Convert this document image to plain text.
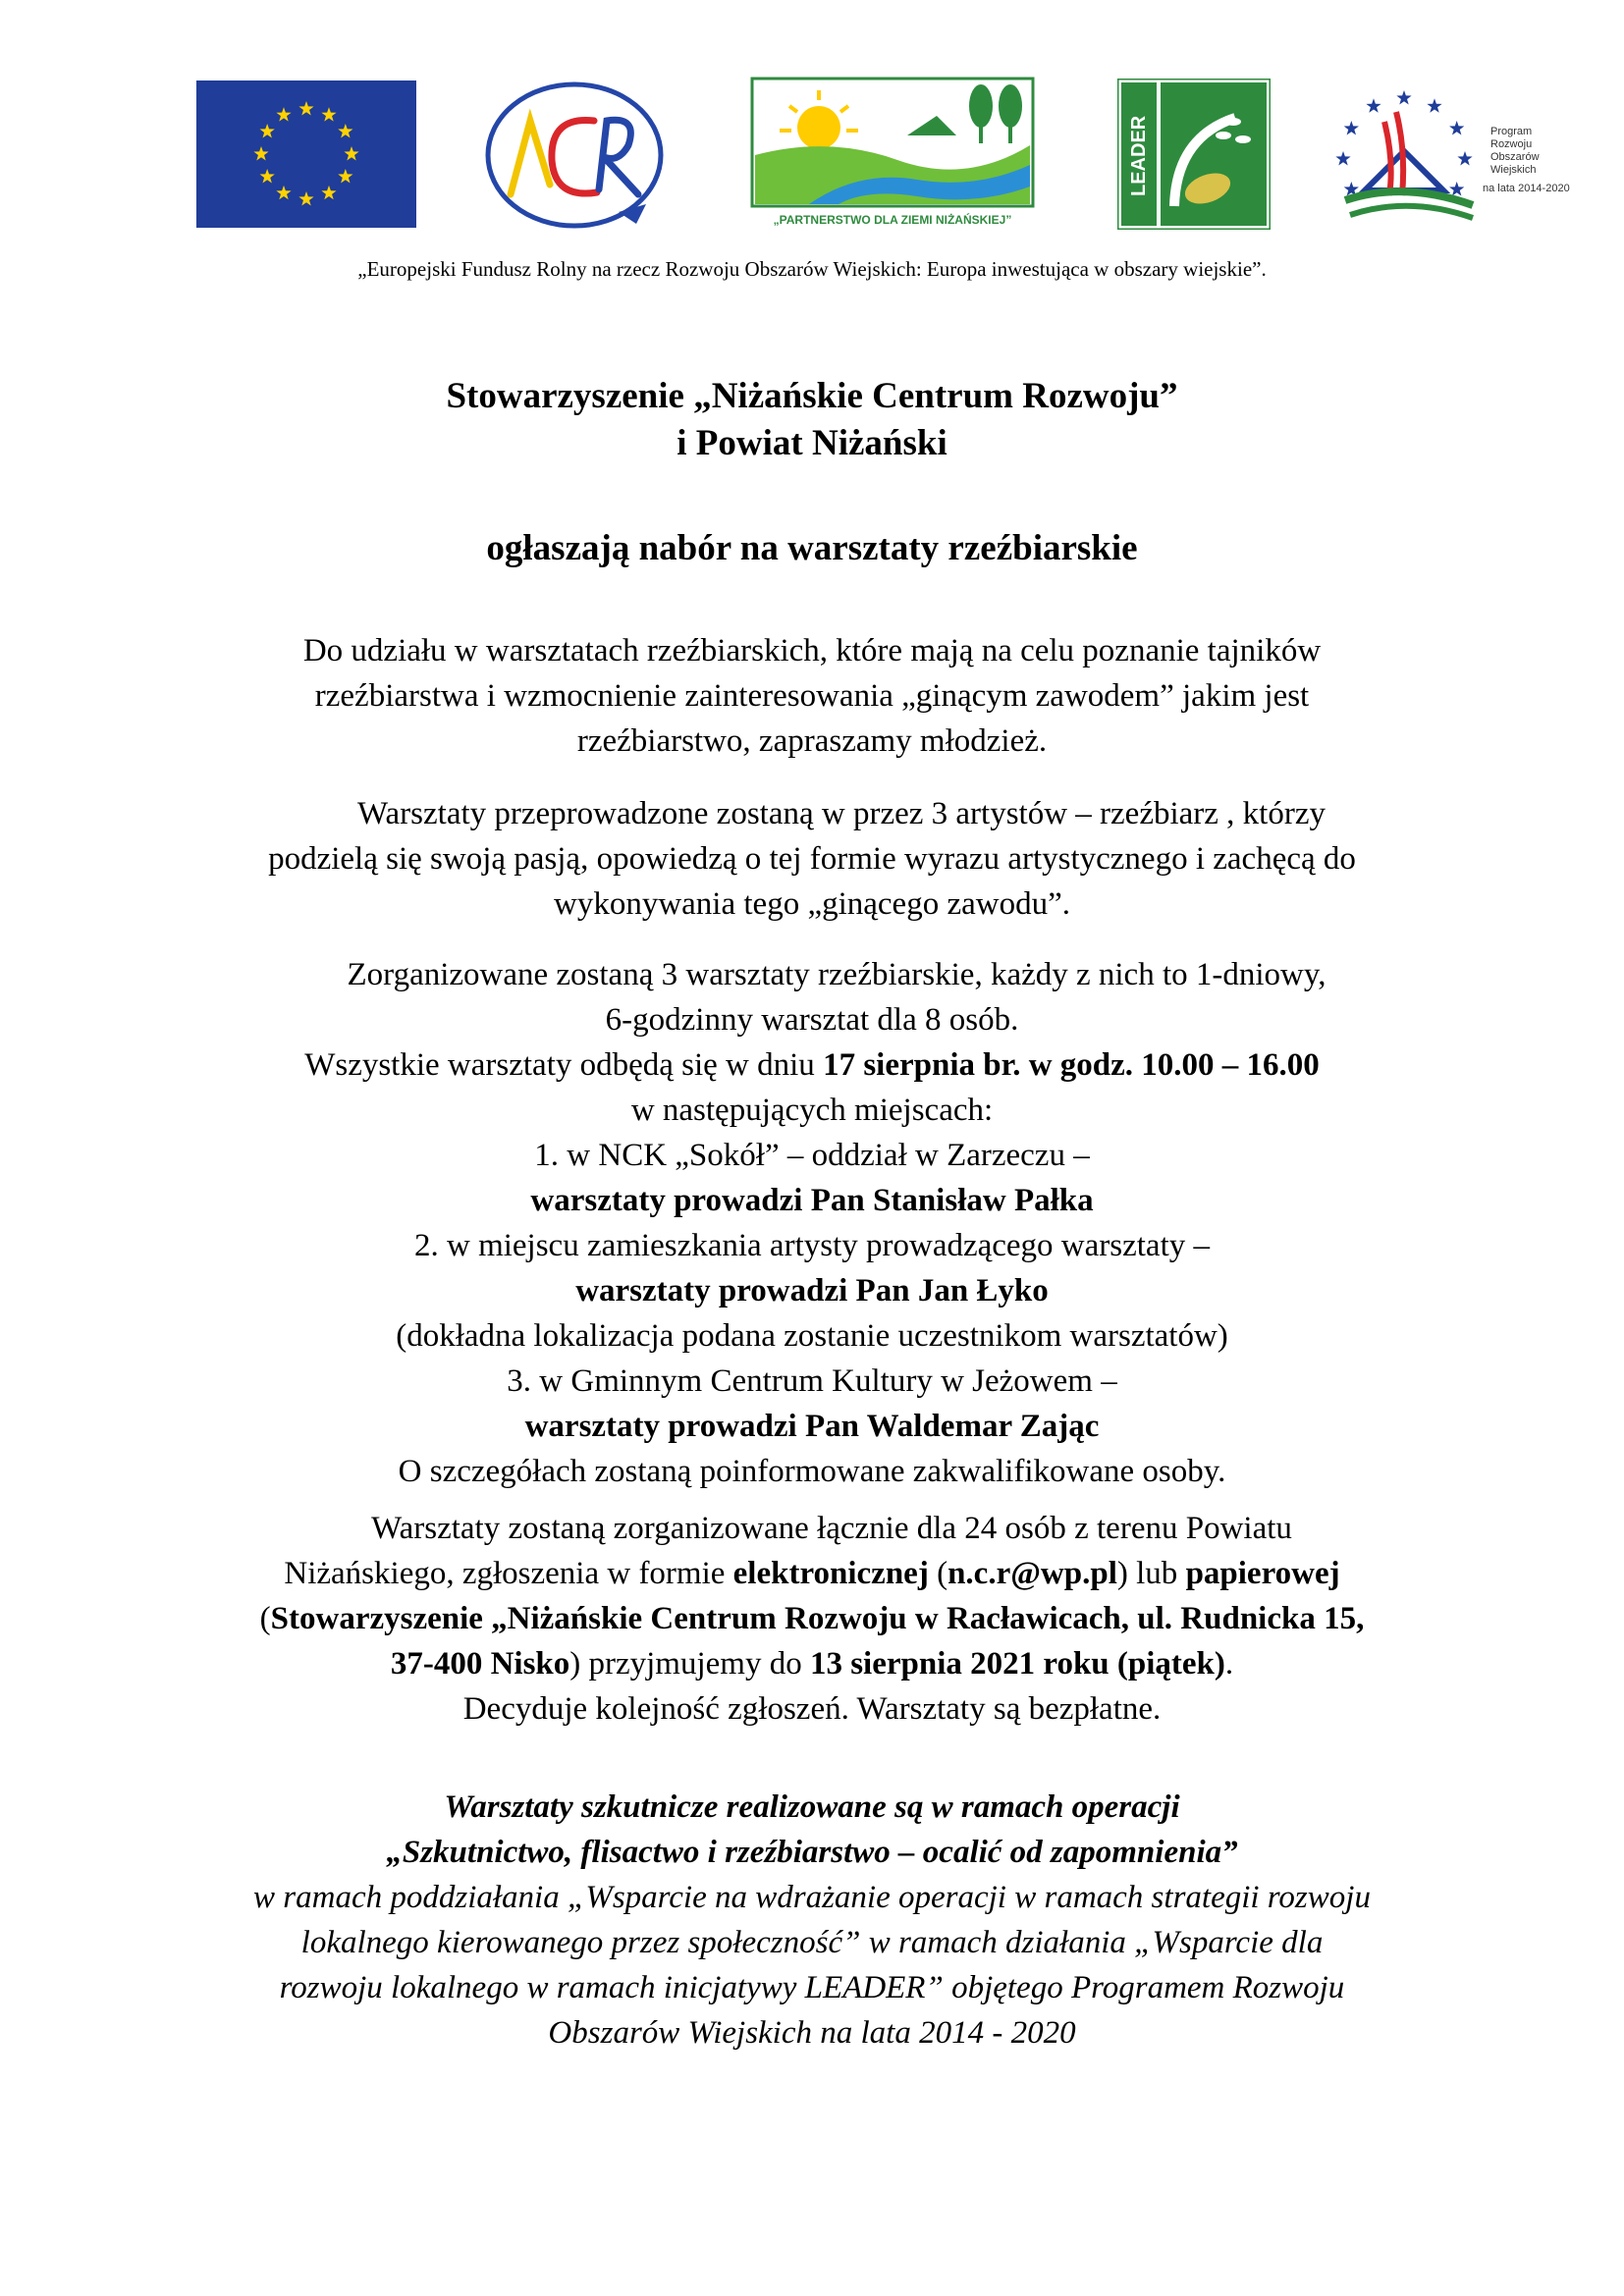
„PARTNERSTWO DLA ZIEMI NIŻAŃSKIEJ”
LEADER	Program
Rozwoju
Obszarów
Wiejskich
na lata 2014-2020
„Europejski Fundusz Rolny na rzecz Rozwoju Obszarów Wiejskich: Europa inwestująca w obszary wiejskie”.
Stowarzyszenie „Niżańskie Centrum Rozwoju”
i Powiat Niżański
ogłaszają nabór na warsztaty rzeźbiarskie
Do udziału w warsztatach rzeźbiarskich, które mają na celu poznanie tajników
rzeźbiarstwa i wzmocnienie zainteresowania „ginącym zawodem” jakim jest
rzeźbiarstwo, zapraszamy młodzież.
Warsztaty przeprowadzone zostaną w przez 3 artystów – rzeźbiarz , którzy
podzielą się swoją pasją, opowiedzą o tej formie wyrazu artystycznego i zachęcą do
wykonywania tego „ginącego zawodu”.
Zorganizowane zostaną 3 warsztaty rzeźbiarskie, każdy z nich to 1-dniowy,
6-godzinny warsztat dla 8 osób.
Wszystkie warsztaty odbędą się w dniu 17 sierpnia br. w godz. 10.00 – 16.00
w następujących miejscach:
1. w NCK „Sokół” – oddział w Zarzeczu –
warsztaty prowadzi Pan Stanisław Pałka
2. w miejscu zamieszkania artysty prowadzącego warsztaty –
warsztaty prowadzi Pan Jan Łyko
(dokładna lokalizacja podana zostanie uczestnikom warsztatów)
3. w Gminnym Centrum Kultury w Jeżowem –
warsztaty prowadzi Pan Waldemar Zając
O szczegółach zostaną poinformowane zakwalifikowane osoby.
Warsztaty zostaną zorganizowane łącznie dla 24 osób z terenu Powiatu
Niżańskiego, zgłoszenia w formie elektronicznej (n.c.r@wp.pl) lub papierowej
(Stowarzyszenie „Niżańskie Centrum Rozwoju w Racławicach, ul. Rudnicka 15,
37-400 Nisko) przyjmujemy do 13 sierpnia 2021 roku (piątek).
Decyduje kolejność zgłoszeń. Warsztaty są bezpłatne.
Warsztaty szkutnicze realizowane są w ramach operacji
„Szkutnictwo, flisactwo i rzeźbiarstwo – ocalić od zapomnienia”
w ramach poddziałania „Wsparcie na wdrażanie operacji w ramach strategii rozwoju
lokalnego kierowanego przez społeczność” w ramach działania „Wsparcie dla
rozwoju lokalnego w ramach inicjatywy LEADER” objętego Programem Rozwoju
Obszarów Wiejskich na lata 2014 - 2020
